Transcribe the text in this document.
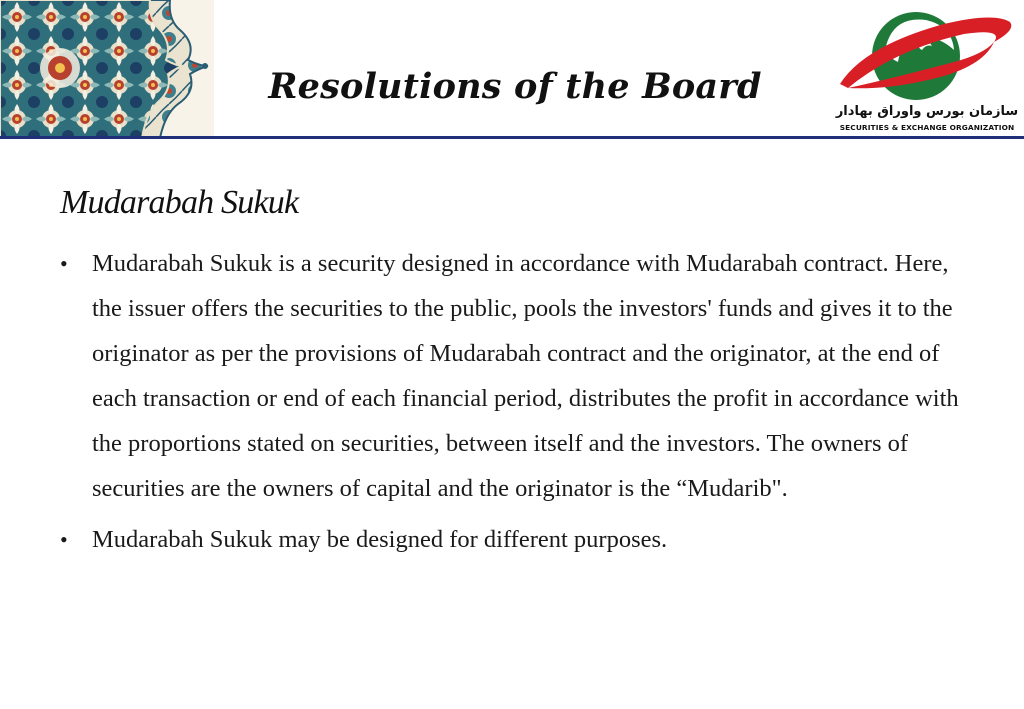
Resolutions of the Board

سازمان بورس واوراق بهادار

SECURITIES & EXCHANGE ORGANIZATION

Mudarabah Sukuk
• Mudarabah Sukuk is a security designed in accordance with Mudarabah contract. Here, the issuer offers the securities to the public, pools the investors' funds and gives it to the originator as per the provisions of Mudarabah contract and the originator, at the end of each transaction or end of each financial period, distributes the profit in accordance with the proportions stated on securities, between itself and the investors. The owners of securities are the owners of capital and the originator is the “Mudarib".
• Mudarabah Sukuk may be designed for different purposes.
